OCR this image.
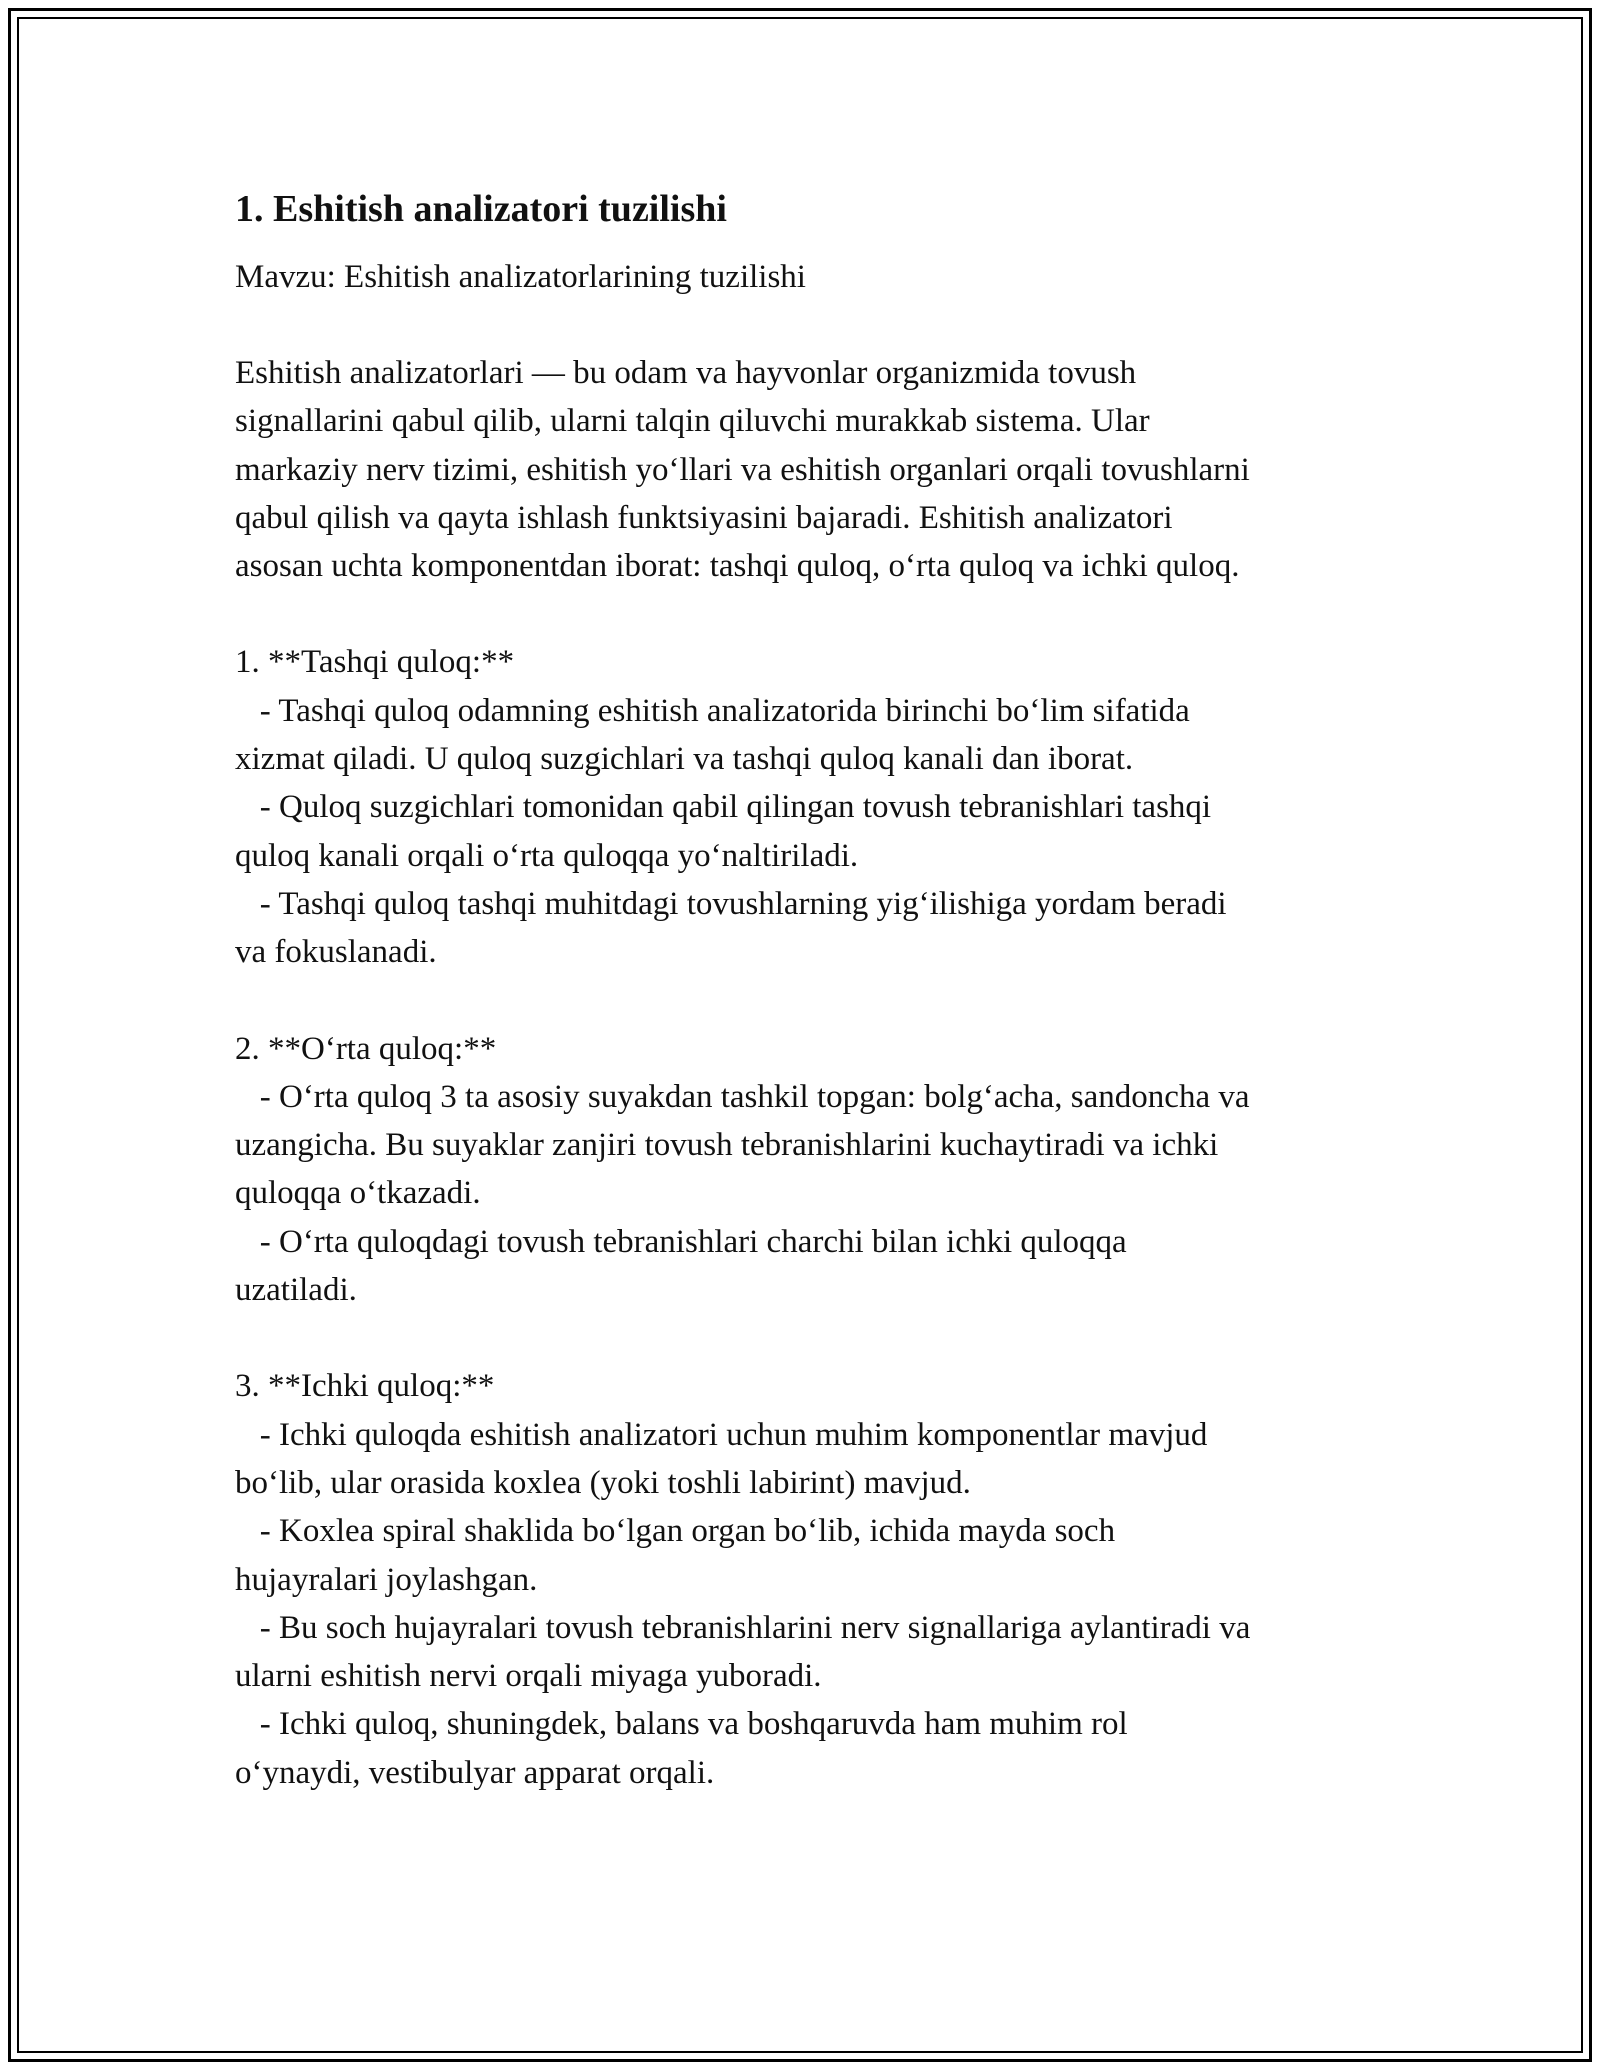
1. Eshitish analizatori tuzilishi

Mavzu: Eshitish analizatorlarining tuzilishi

Eshitish analizatorlari — bu odam va hayvonlar organizmida tovush
signallarini qabul qilib, ularni talqin qiluvchi murakkab sistema. Ular
markaziy nerv tizimi, eshitish yo‘llari va eshitish organlari orqali tovushlarni
qabul qilish va qayta ishlash funktsiyasini bajaradi. Eshitish analizatori
asosan uchta komponentdan iborat: tashqi quloq, o‘rta quloq va ichki quloq.

1. **Tashqi quloq:**
- Tashqi quloq odamning eshitish analizatorida birinchi bo‘lim sifatida
xizmat qiladi. U quloq suzgichlari va tashqi quloq kanali dan iborat.
- Quloq suzgichlari tomonidan qabil qilingan tovush tebranishlari tashqi
quloq kanali orqali o‘rta quloqqa yo‘naltiriladi.
- Tashqi quloq tashqi muhitdagi tovushlarning yig‘ilishiga yordam beradi
va fokuslanadi.

2. **O‘rta quloq:**
- O‘rta quloq 3 ta asosiy suyakdan tashkil topgan: bolg‘acha, sandoncha va
uzangicha. Bu suyaklar zanjiri tovush tebranishlarini kuchaytiradi va ichki
quloqqa o‘tkazadi.
- O‘rta quloqdagi tovush tebranishlari charchi bilan ichki quloqqa
uzatiladi.

3. **Ichki quloq:**
- Ichki quloqda eshitish analizatori uchun muhim komponentlar mavjud
bo‘lib, ular orasida koxlea (yoki toshli labirint) mavjud.
- Koxlea spiral shaklida bo‘lgan organ bo‘lib, ichida mayda soch
hujayralari joylashgan.
- Bu soch hujayralari tovush tebranishlarini nerv signallariga aylantiradi va
ularni eshitish nervi orqali miyaga yuboradi.
- Ichki quloq, shuningdek, balans va boshqaruvda ham muhim rol
o‘ynaydi, vestibulyar apparat orqali.
